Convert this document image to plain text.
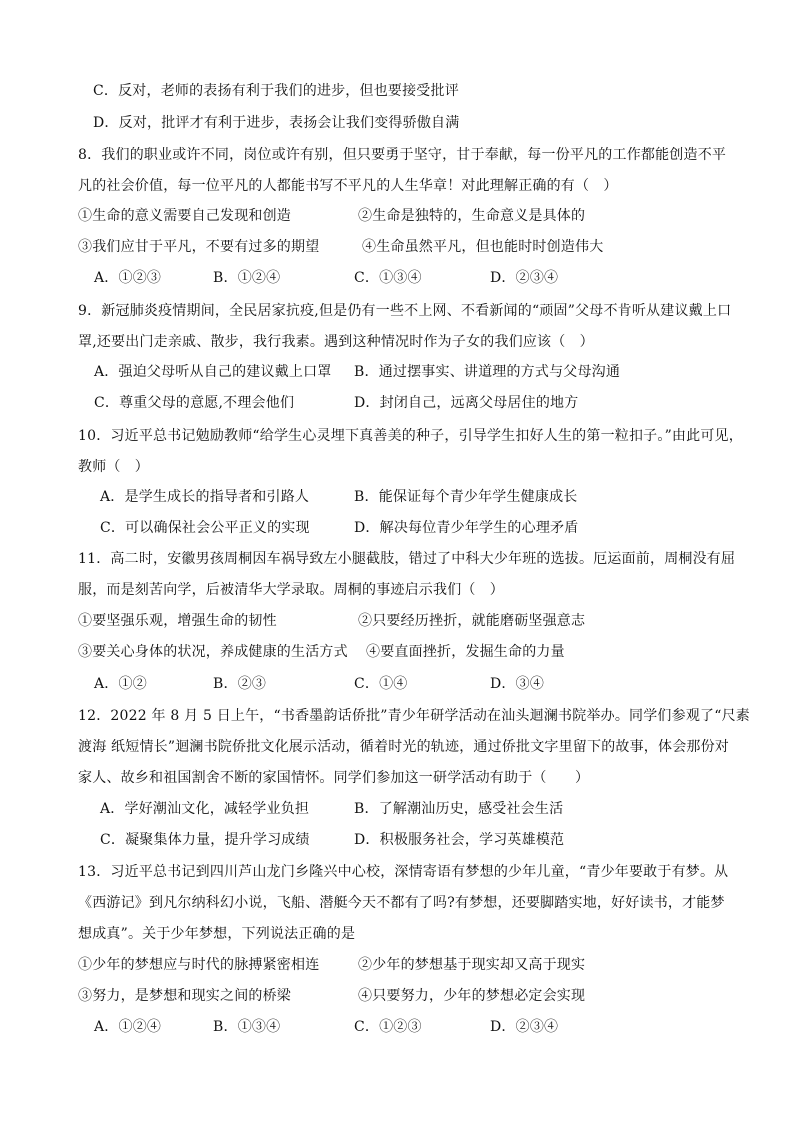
C．反对，老师的表扬有利于我们的进步，但也要接受批评
D．反对，批评才有利于进步，表扬会让我们变得骄傲自满
8．我们的职业或许不同，岗位或许有别，但只要勇于坚守，甘于奉献，每一份平凡的工作都能创造不平
凡的社会价值，每一位平凡的人都能书写不平凡的人生华章！对此理解正确的有（　）
①生命的意义需要自己发现和创造	②生命是独特的，生命意义是具体的
③我们应甘于平凡，不要有过多的期望	④生命虽然平凡，但也能时时创造伟大
A．①②③	B．①②④	C．①③④	D．②③④
9．新冠肺炎疫情期间，全民居家抗疫,但是仍有一些不上网、不看新闻的“顽固”父母不肯听从建议戴上口
罩,还要出门走亲戚、散步，我行我素。遇到这种情况时作为子女的我们应该（　）
A．强迫父母听从自己的建议戴上口罩 B．通过摆事实、讲道理的方式与父母沟通
C．尊重父母的意愿,不理会他们	D．封闭自己，远离父母居住的地方
10．习近平总书记勉励教师“给学生心灵埋下真善美的种子，引导学生扣好人生的第一粒扣子。”由此可见，
教师（　）
A．是学生成长的指导者和引路人	B．能保证每个青少年学生健康成长
C．可以确保社会公平正义的实现	D．解决每位青少年学生的心理矛盾
11．高二时，安徽男孩周桐因车祸导致左小腿截肢，错过了中科大少年班的选拔。厄运面前，周桐没有屈
服，而是刻苦向学，后被清华大学录取。周桐的事迹启示我们（　）
①要坚强乐观，增强生命的韧性	②只要经历挫折，就能磨砺坚强意志
③要关心身体的状况，养成健康的生活方式 ④要直面挫折，发掘生命的力量
A．①②	B．②③	C．①④	D．③④
12．2022 年 8 月 5 日上午，“书香墨韵话侨批”青少年研学活动在汕头迴澜书院举办。同学们参观了“尺素
渡海 纸短情长”迴澜书院侨批文化展示活动，循着时光的轨迹，通过侨批文字里留下的故事，体会那份对
家人、故乡和祖国割舍不断的家国情怀。同学们参加这一研学活动有助于（　　）
A．学好潮汕文化，减轻学业负担	B．了解潮汕历史，感受社会生活
C．凝聚集体力量，提升学习成绩	D．积极服务社会，学习英雄模范
13．习近平总书记到四川芦山龙门乡隆兴中心校，深情寄语有梦想的少年儿童，“青少年要敢于有梦。从
《西游记》到凡尔纳科幻小说，飞船、潜艇今天不都有了吗?有梦想，还要脚踏实地，好好读书，才能梦
想成真”。关于少年梦想，下列说法正确的是
①少年的梦想应与时代的脉搏紧密相连	②少年的梦想基于现实却又高于现实
③努力，是梦想和现实之间的桥梁	④只要努力，少年的梦想必定会实现
A．①②④	B．①③④	C．①②③	D．②③④
